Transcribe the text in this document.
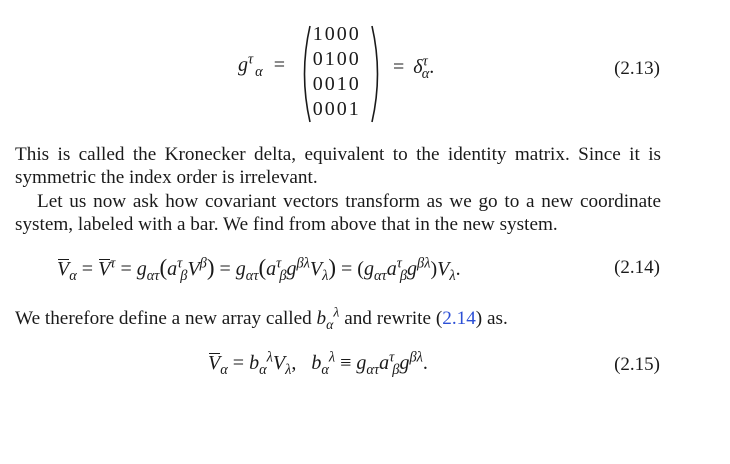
$g^\tau_\alpha$ =
1000
0100
0010
0001
= $\delta^\tau_\alpha$.	(2.13)
This is called the Kronecker delta, equivalent to the identity matrix. Since it is symmetric the index order is irrelevant.
Let us now ask how covariant vectors transform as we go to a new coordinate system, labeled with a bar. We find from above that in the new system.
$V_\alpha = V^\tau = g_{\alpha\tau}(a^\tau_\beta V^\beta) = g_{\alpha\tau}(a^\tau_\beta g^{\beta\lambda}V_\lambda) = (g_{\alpha\tau}a^\tau_\beta g^{\beta\lambda})V_\lambda$.	(2.14)
We therefore define a new array called $b_\alpha^\lambda$ and rewrite (2.14) as.
$V_\alpha = b_\alpha^\lambda V_\lambda$,   $b_\alpha^\lambda \equiv g_{\alpha\tau}a^\tau_\beta g^{\beta\lambda}$.	(2.15)
